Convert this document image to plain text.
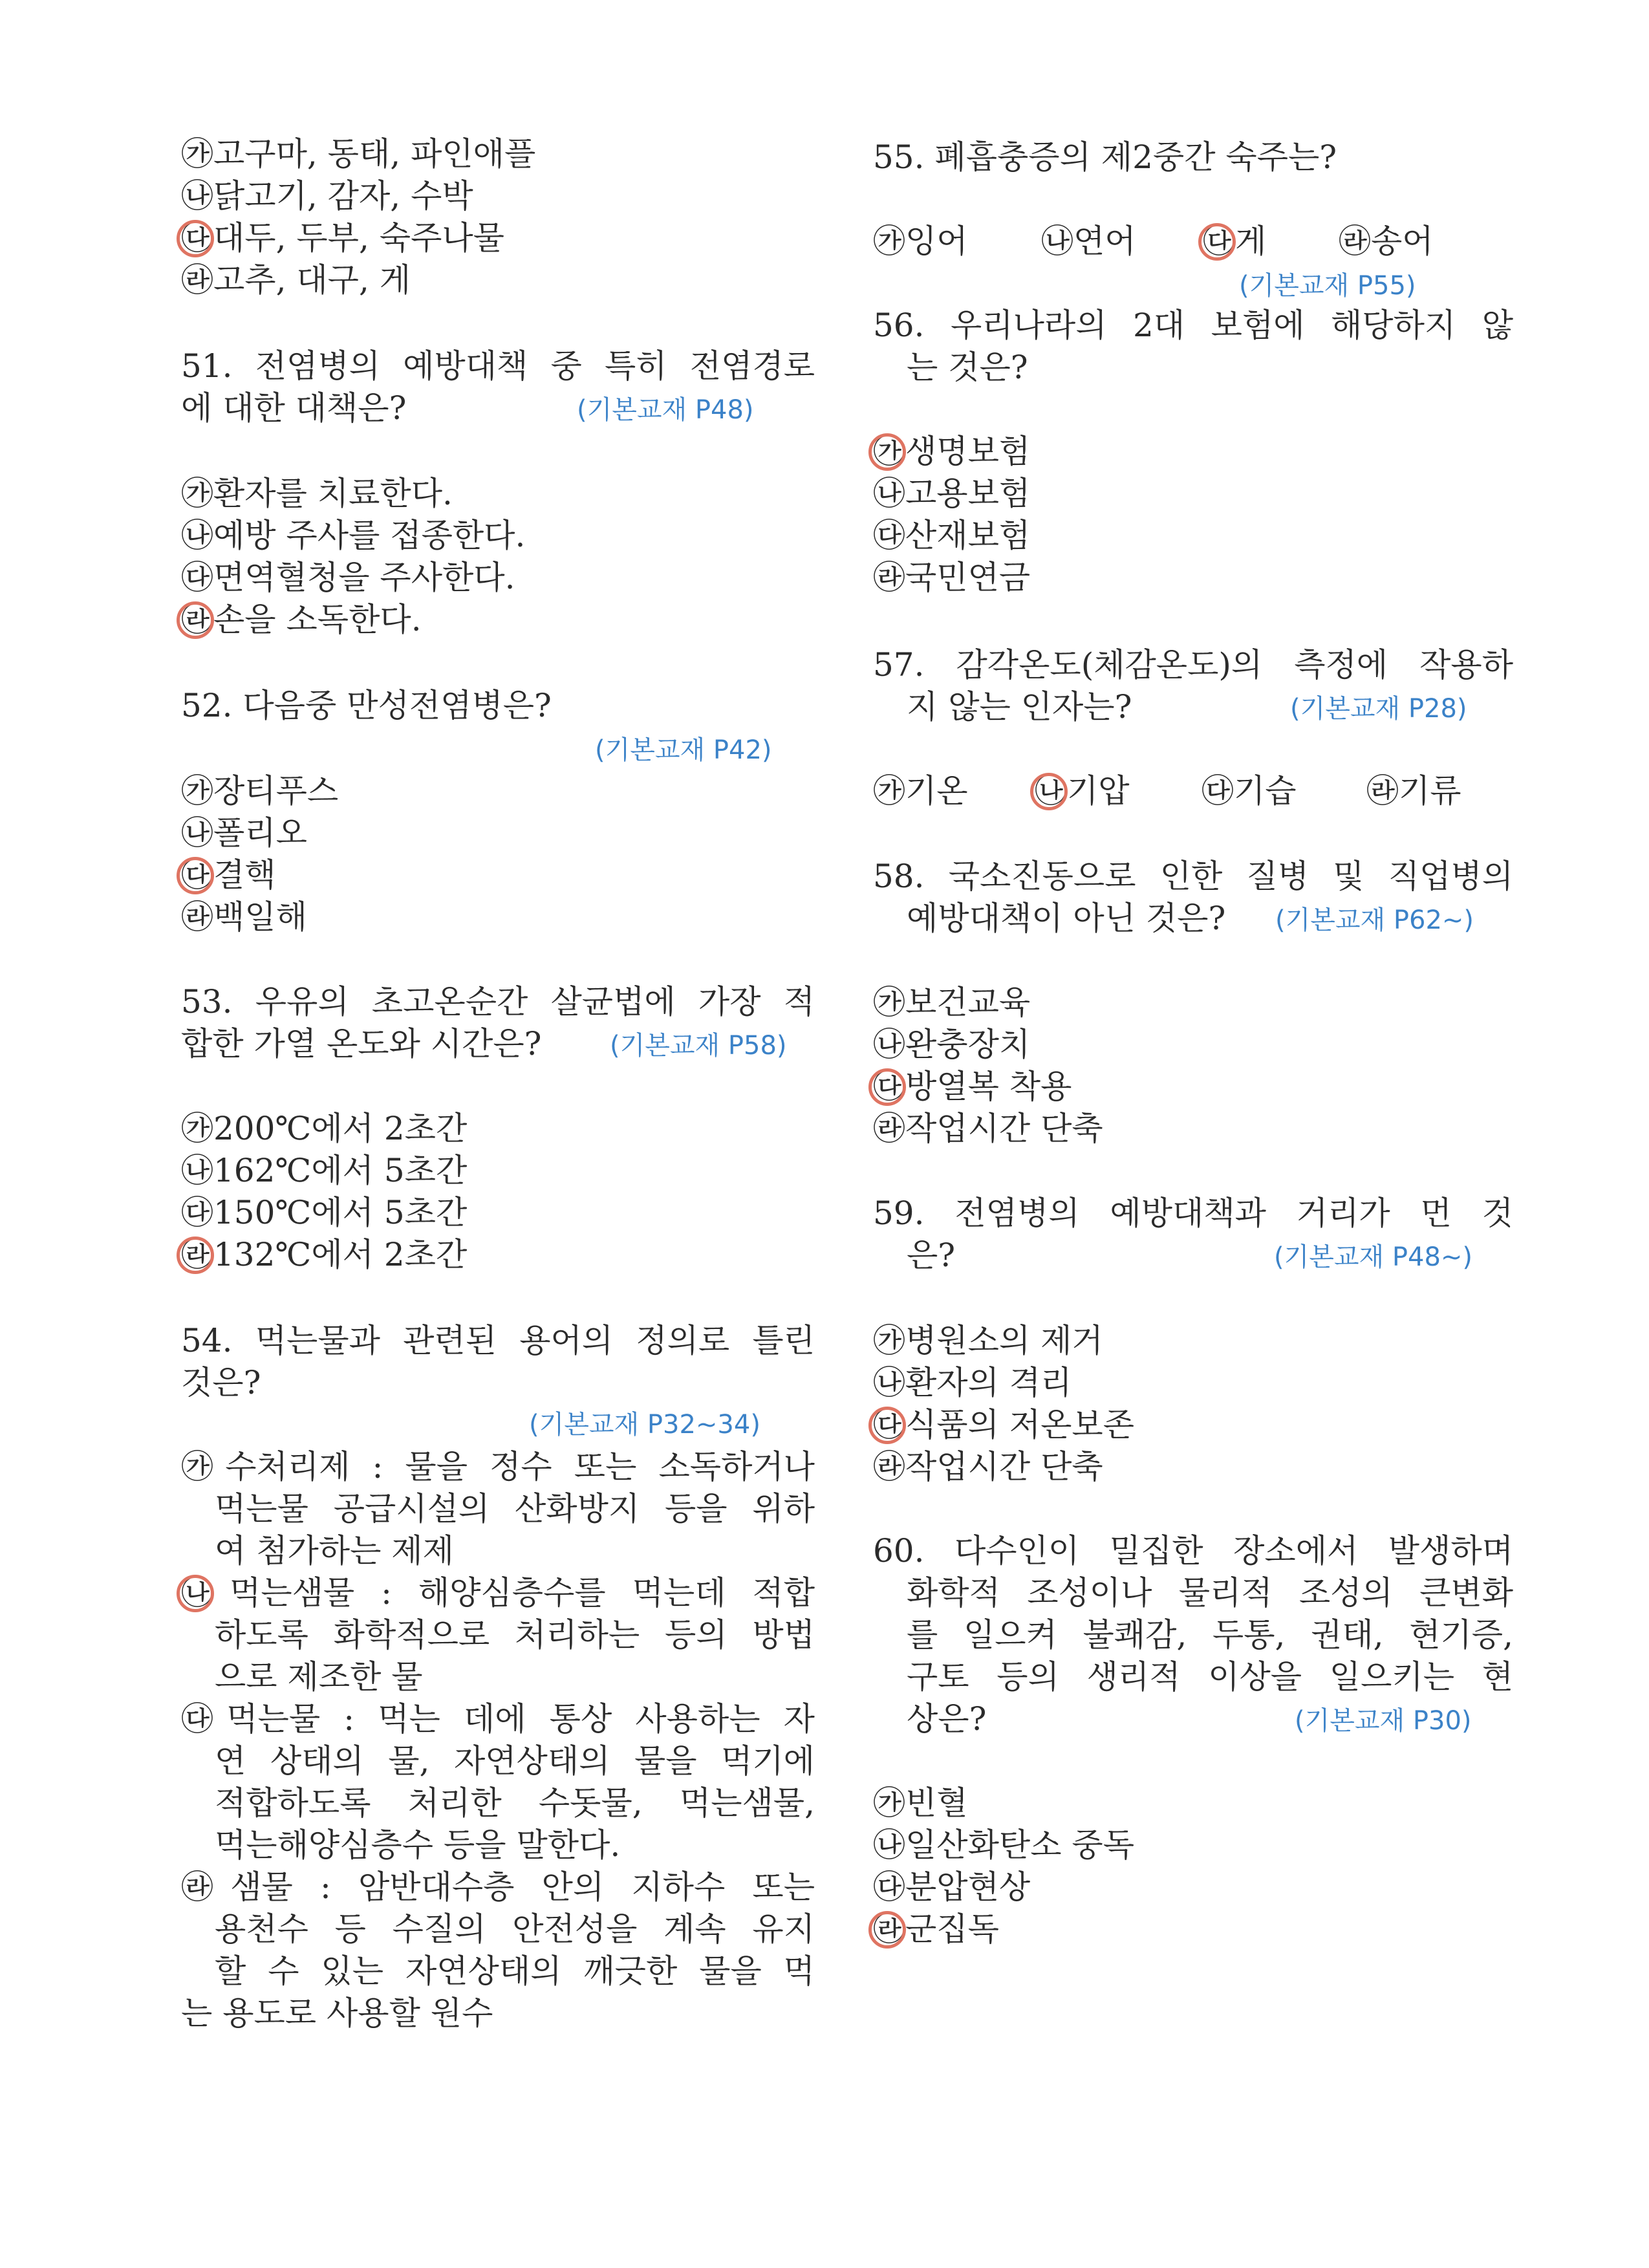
㉮고구마, 동태, 파인애플
㉯닭고기, 감자, 수박
㉰대두, 두부, 숙주나물
㉱고추, 대구, 게
51. 전염병의 예방대책 중 특히 전염경로
에 대한 대책은?	(기본교재 P48)
㉮환자를 치료한다.
㉯예방 주사를 접종한다.
㉰면역혈청을 주사한다.
㉱손을 소독한다.
52. 다음중 만성전염병은?
(기본교재 P42)
㉮장티푸스
㉯폴리오
㉰결핵
㉱백일해
53. 우유의 초고온순간 살균법에 가장 적
합한 가열 온도와 시간은?	(기본교재 P58)
㉮200℃에서 2초간
㉯162℃에서 5초간
㉰150℃에서 5초간
㉱132℃에서 2초간
54. 먹는물과 관련된 용어의 정의로 틀린
것은?
(기본교재 P32~34)
㉮수처리제 : 물을 정수 또는 소독하거나
먹는물 공급시설의 산화방지 등을 위하
여 첨가하는 제제
㉯먹는샘물 : 해양심층수를 먹는데 적합
하도록 화학적으로 처리하는 등의 방법
으로 제조한 물
㉰먹는물 : 먹는 데에 통상 사용하는 자
연 상태의 물, 자연상태의 물을 먹기에
적합하도록 처리한 수돗물, 먹는샘물,
먹는해양심층수 등을 말한다.
㉱샘물 : 암반대수층 안의 지하수 또는
용천수 등 수질의 안전성을 계속 유지
할 수 있는 자연상태의 깨긋한 물을 먹
는 용도로 사용할 원수
55. 폐흡충증의 제2중간 숙주는?
㉮잉어 ㉯연어 ㉰게 ㉱송어
(기본교재 P55)
56. 우리나라의 2대 보험에 해당하지 않
는 것은?
㉮생명보험
㉯고용보험
㉰산재보험
㉱국민연금
57. 감각온도(체감온도)의 측정에 작용하
지 않는 인자는?	(기본교재 P28)
㉮기온 ㉯기압 ㉰기습 ㉱기류
58. 국소진동으로 인한 질병 및 직업병의
예방대책이 아닌 것은? (기본교재 P62~)
㉮보건교육
㉯완충장치
㉰방열복 착용
㉱작업시간 단축
59. 전염병의 예방대책과 거리가 먼 것
은?	(기본교재 P48~)
㉮병원소의 제거
㉯환자의 격리
㉰식품의 저온보존
㉱작업시간 단축
60. 다수인이 밀집한 장소에서 발생하며
화학적 조성이나 물리적 조성의 큰변화
를 일으켜 불쾌감, 두통, 권태, 현기증,
구토 등의 생리적 이상을 일으키는 현
상은?	(기본교재 P30)
㉮빈혈
㉯일산화탄소 중독
㉰분압현상
㉱군집독
